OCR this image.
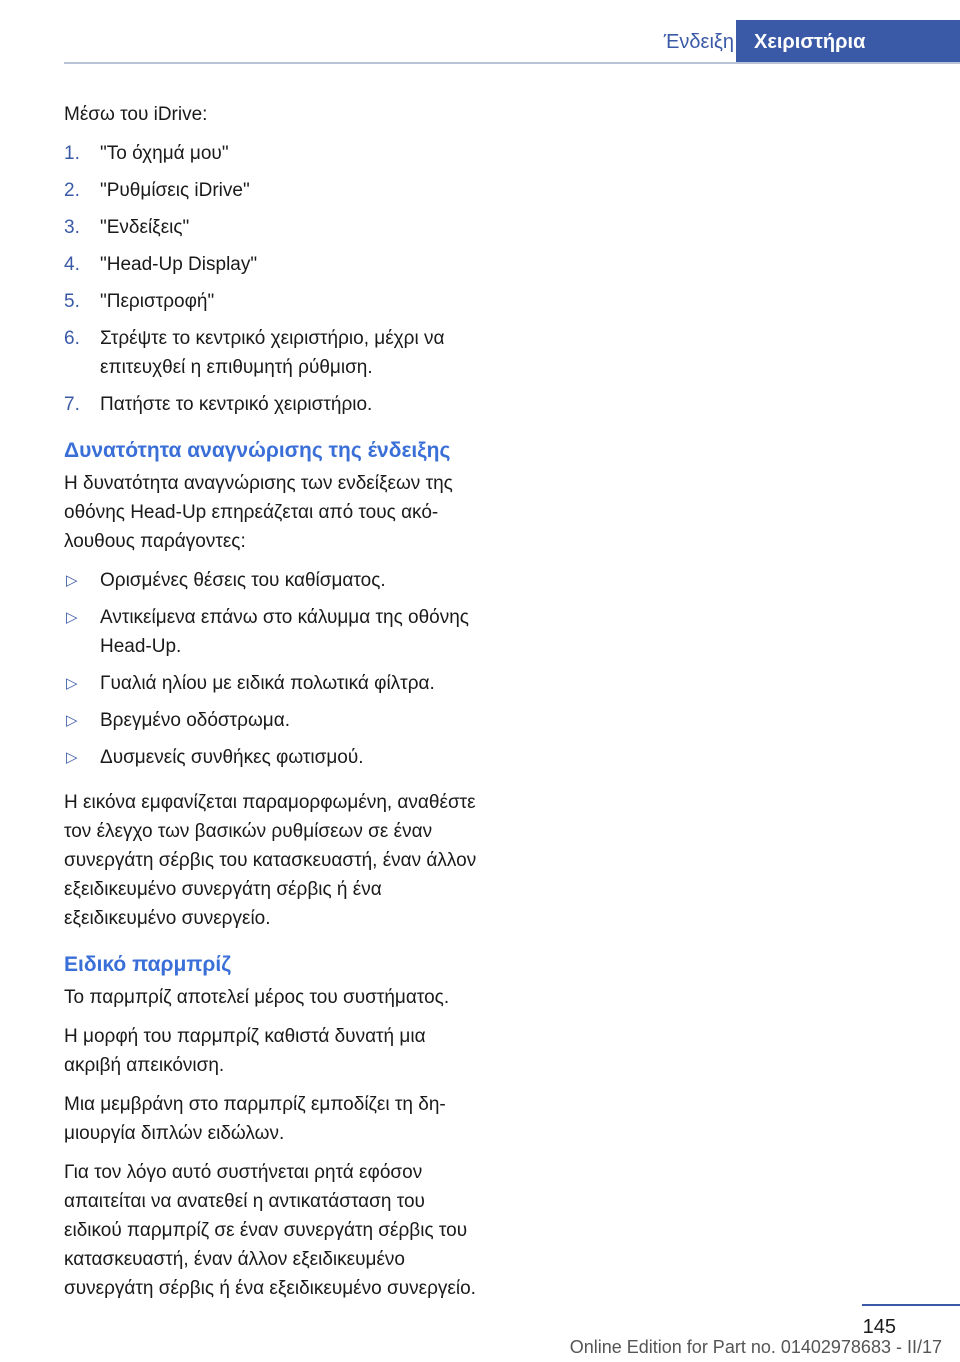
Ένδειξη	Χειριστήρια

Μέσω του iDrive:

1. "Το όχημά μου"
2. "Ρυθμίσεις iDrive"
3. "Ενδείξεις"
4. "Head-Up Display"
5. "Περιστροφή"
6. Στρέψτε το κεντρικό χειριστήριο, μέχρι να επιτευχθεί η επιθυμητή ρύθμιση.
7. Πατήστε το κεντρικό χειριστήριο.
Δυνατότητα αναγνώρισης της ένδειξης

Η δυνατότητα αναγνώρισης των ενδείξεων της οθόνης Head-Up επηρεάζεται από τους ακόλουθους παράγοντες:

▷ Ορισμένες θέσεις του καθίσματος.
▷ Αντικείμενα επάνω στο κάλυμμα της οθόνης Head-Up.
▷ Γυαλιά ηλίου με ειδικά πολωτικά φίλτρα.
▷ Βρεγμένο οδόστρωμα.
▷ Δυσμενείς συνθήκες φωτισμού.

Η εικόνα εμφανίζεται παραμορφωμένη, αναθέστε τον έλεγχο των βασικών ρυθμίσεων σε έναν συνεργάτη σέρβις του κατασκευαστή, έναν άλλον εξειδικευμένο συνεργάτη σέρβις ή ένα εξειδικευμένο συνεργείο.

Ειδικό παρμπρίζ

Το παρμπρίζ αποτελεί μέρος του συστήματος.

Η μορφή του παρμπρίζ καθιστά δυνατή μια ακριβή απεικόνιση.

Μια μεμβράνη στο παρμπρίζ εμποδίζει τη δημιουργία διπλών ειδώλων.

Για τον λόγο αυτό συστήνεται ρητά εφόσον απαιτείται να ανατεθεί η αντικατάσταση του ειδικού παρμπρίζ σε έναν συνεργάτη σέρβις του κατασκευαστή, έναν άλλον εξειδικευμένο συνεργάτη σέρβις ή ένα εξειδικευμένο συνεργείο.

145
Online Edition for Part no. 01402978683 - II/17
